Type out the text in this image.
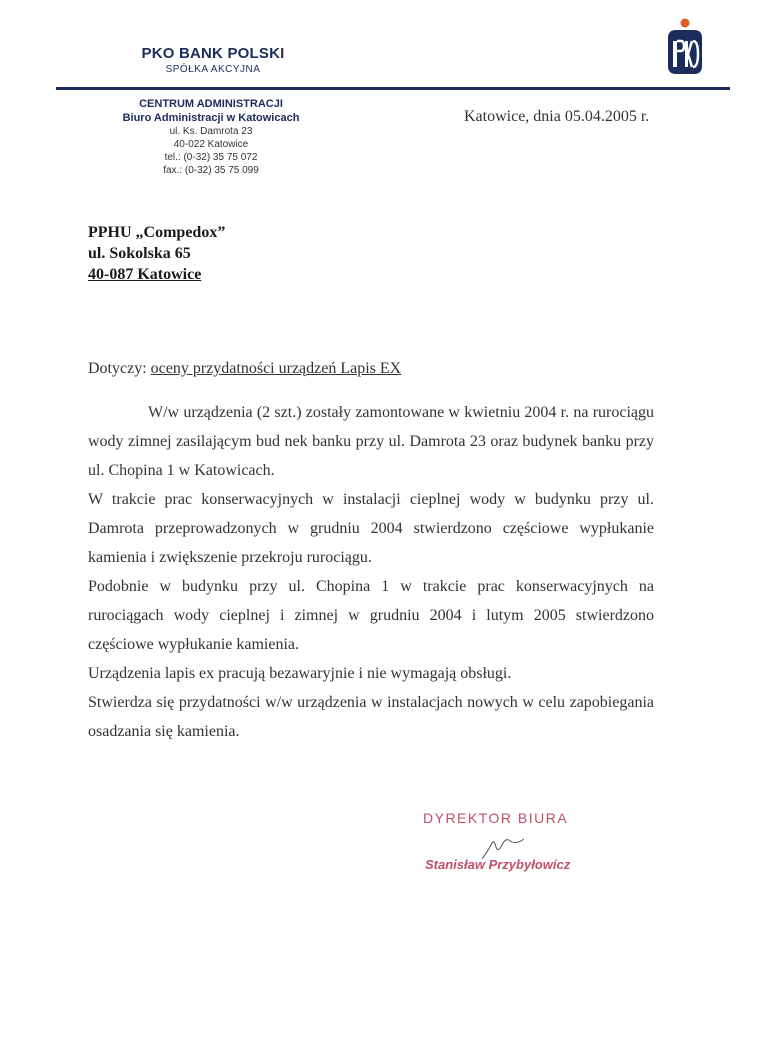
PKO BANK POLSKI
SPÓŁKA AKCYJNA
CENTRUM ADMINISTRACJI
Biuro Administracji w Katowicach
ul. Ks. Damrota 23
40-022 Katowice
tel.: (0-32) 35 75 072
fax.: (0-32) 35 75 099
Katowice, dnia 05.04.2005 r.
PPHU „Compedox”
ul. Sokolska 65
40-087 Katowice
Dotyczy: oceny przydatności urządzeń Lapis EX

W/w urządzenia (2 szt.) zostały zamontowane w kwietniu 2004 r. na rurociągu wody zimnej zasilającym bud nek banku przy ul. Damrota 23 oraz budynek banku przy ul. Chopina 1 w Katowicach.

W trakcie prac konserwacyjnych w instalacji cieplnej wody w budynku przy ul. Damrota przeprowadzonych w grudniu 2004 stwierdzono częściowe wypłukanie kamienia i zwiększenie przekroju rurociągu.

Podobnie w budynku przy ul. Chopina 1 w trakcie prac konserwacyjnych na rurociągach wody cieplnej i zimnej w grudniu 2004 i lutym 2005 stwierdzono częściowe wypłukanie kamienia.

Urządzenia lapis ex pracują bezawaryjnie i nie wymagają obsługi.

Stwierdza się przydatności w/w urządzenia w instalacjach nowych w celu zapobiegania osadzania się kamienia.

DYREKTOR BIURA
Stanisław Przybyłowicz
